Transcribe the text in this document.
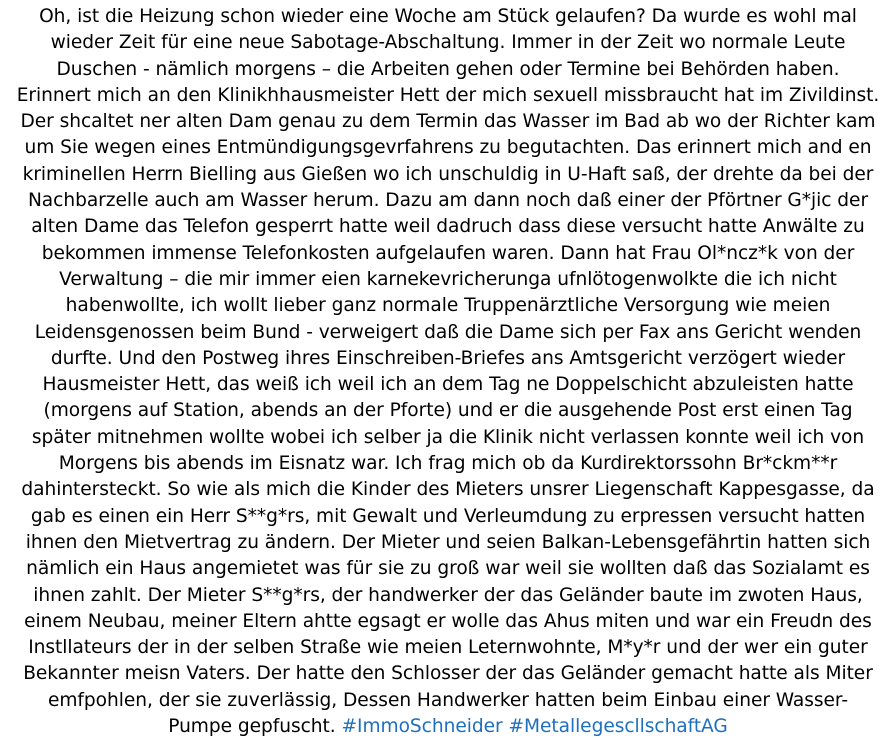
Oh, ist die Heizung schon wieder eine Woche am Stück gelaufen? Da wurde es wohl mal
wieder Zeit für eine neue Sabotage-Abschaltung. Immer in der Zeit wo normale Leute
Duschen - nämlich morgens – die Arbeiten gehen oder Termine bei Behörden haben.
Erinnert mich an den Klinikhhausmeister Hett der mich sexuell missbraucht hat im Zivildinst.
Der shcaltet ner alten Dam genau zu dem Termin das Wasser im Bad ab wo der Richter kam
um Sie wegen eines Entmündigungsgevrfahrens zu begutachten. Das erinnert mich and en
kriminellen Herrn Bielling aus Gießen wo ich unschuldig in U-Haft saß, der drehte da bei der
Nachbarzelle auch am Wasser herum. Dazu am dann noch daß einer der Pförtner G*jic der
alten Dame das Telefon gesperrt hatte weil dadruch dass diese versucht hatte Anwälte zu
bekommen immense Telefonkosten aufgelaufen waren. Dann hat Frau Ol*ncz*k von der
Verwaltung – die mir immer eien karnekevricherunga ufnlötogenwolkte die ich nicht
habenwollte, ich wollt lieber ganz normale Truppenärztliche Versorgung wie meien
Leidensgenossen beim Bund - verweigert daß die Dame sich per Fax ans Gericht wenden
durfte. Und den Postweg ihres Einschreiben-Briefes ans Amtsgericht verzögert wieder
Hausmeister Hett, das weiß ich weil ich an dem Tag ne Doppelschicht abzuleisten hatte
(morgens auf Station, abends an der Pforte) und er die ausgehende Post erst einen Tag
später mitnehmen wollte wobei ich selber ja die Klinik nicht verlassen konnte weil ich von
Morgens bis abends im Eisnatz war. Ich frag mich ob da Kurdirektorssohn Br*ckm**r
dahintersteckt. So wie als mich die Kinder des Mieters unsrer Liegenschaft Kappesgasse, da
gab es einen ein Herr S**g*rs, mit Gewalt und Verleumdung zu erpressen versucht hatten
ihnen den Mietvertrag zu ändern. Der Mieter und seien Balkan-Lebensgefährtin hatten sich
nämlich ein Haus angemietet was für sie zu groß war weil sie wollten daß das Sozialamt es
ihnen zahlt. Der Mieter S**g*rs, der handwerker der das Geländer baute im zwoten Haus,
einem Neubau, meiner Eltern ahtte egsagt er wolle das Ahus miten und war ein Freudn des
Instllateurs der in der selben Straße wie meien Leternwohnte, M*y*r und der wer ein guter
Bekannter meisn Vaters. Der hatte den Schlosser der das Geländer gemacht hatte als Miter
emfpohlen, der sie zuverlässig, Dessen Handwerker hatten beim Einbau einer Wasser-
Pumpe gepfuscht. #ImmoSchneider #MetallegescllschaftAG
